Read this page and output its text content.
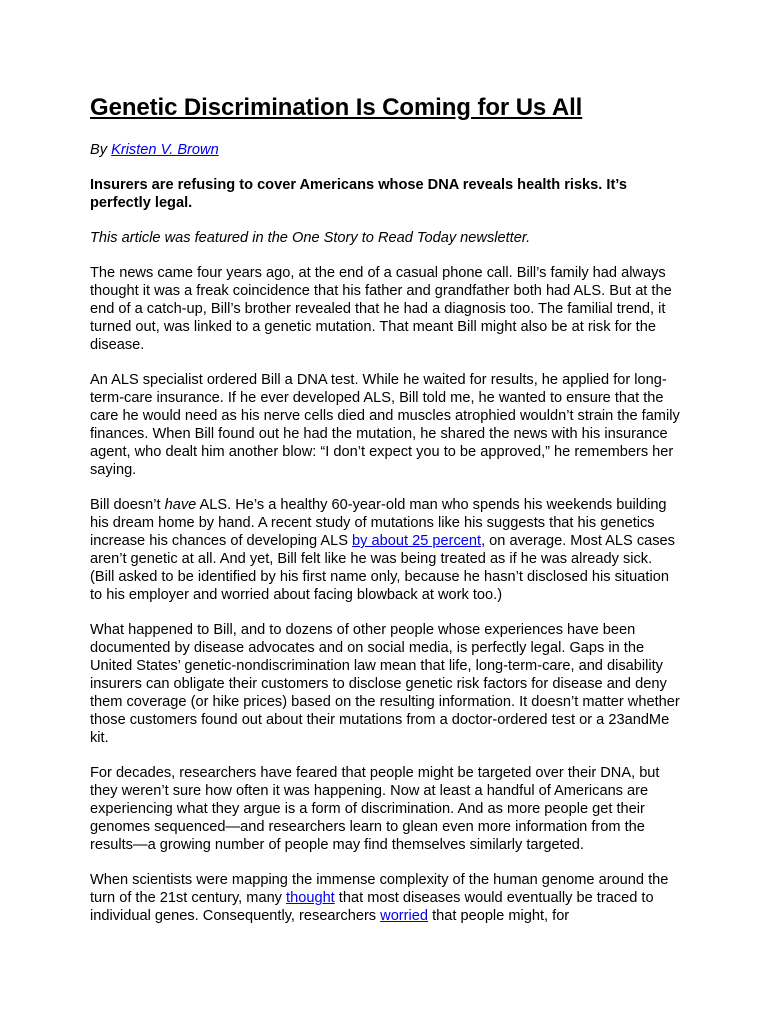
Genetic Discrimination Is Coming for Us All

By Kristen V. Brown

Insurers are refusing to cover Americans whose DNA reveals health risks. It’s perfectly legal.

This article was featured in the One Story to Read Today newsletter.

The news came four years ago, at the end of a casual phone call. Bill’s family had always thought it was a freak coincidence that his father and grandfather both had ALS. But at the end of a catch-up, Bill’s brother revealed that he had a diagnosis too. The familial trend, it turned out, was linked to a genetic mutation. That meant Bill might also be at risk for the disease.

An ALS specialist ordered Bill a DNA test. While he waited for results, he applied for long-term-care insurance. If he ever developed ALS, Bill told me, he wanted to ensure that the care he would need as his nerve cells died and muscles atrophied wouldn’t strain the family finances. When Bill found out he had the mutation, he shared the news with his insurance agent, who dealt him another blow: “I don’t expect you to be approved,” he remembers her saying.

Bill doesn’t have ALS. He’s a healthy 60-year-old man who spends his weekends building his dream home by hand. A recent study of mutations like his suggests that his genetics increase his chances of developing ALS by about 25 percent, on average. Most ALS cases aren’t genetic at all. And yet, Bill felt like he was being treated as if he was already sick. (Bill asked to be identified by his first name only, because he hasn’t disclosed his situation to his employer and worried about facing blowback at work too.)

What happened to Bill, and to dozens of other people whose experiences have been documented by disease advocates and on social media, is perfectly legal. Gaps in the United States’ genetic-nondiscrimination law mean that life, long-term-care, and disability insurers can obligate their customers to disclose genetic risk factors for disease and deny them coverage (or hike prices) based on the resulting information. It doesn’t matter whether those customers found out about their mutations from a doctor-ordered test or a 23andMe kit.

For decades, researchers have feared that people might be targeted over their DNA, but they weren’t sure how often it was happening. Now at least a handful of Americans are experiencing what they argue is a form of discrimination. And as more people get their genomes sequenced—and researchers learn to glean even more information from the results—a growing number of people may find themselves similarly targeted.

When scientists were mapping the immense complexity of the human genome around the turn of the 21st century, many thought that most diseases would eventually be traced to individual genes. Consequently, researchers worried that people might, for
